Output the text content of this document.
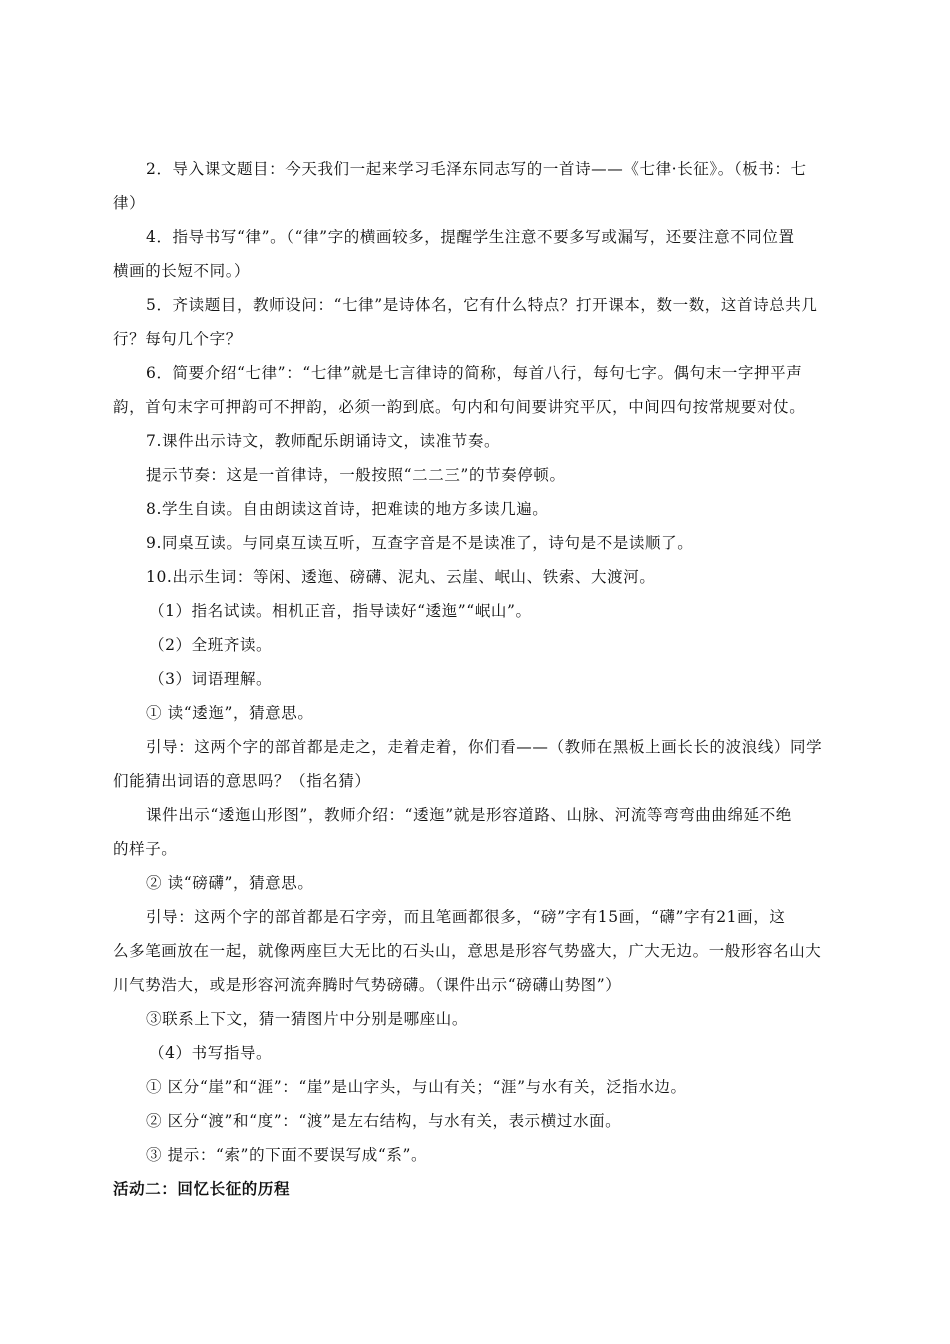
2．导入课文题目：今天我们一起来学习毛泽东同志写的一首诗——《七律·长征》。（板书：七
律）
4．指导书写“律”。（“律”字的横画较多，提醒学生注意不要多写或漏写，还要注意不同位置
横画的长短不同。）
5．齐读题目，教师设问：“七律”是诗体名，它有什么特点？打开课本，数一数，这首诗总共几
行？每句几个字？
6．简要介绍“七律”：“七律”就是七言律诗的简称，每首八行，每句七字。偶句末一字押平声
韵，首句末字可押韵可不押韵，必须一韵到底。句内和句间要讲究平仄，中间四句按常规要对仗。
7.课件出示诗文，教师配乐朗诵诗文，读准节奏。
提示节奏：这是一首律诗，一般按照“二二三”的节奏停顿。
8.学生自读。自由朗读这首诗，把难读的地方多读几遍。
9.同桌互读。与同桌互读互听，互查字音是不是读准了，诗句是不是读顺了。
10.出示生词：等闲、逶迤、磅礴、泥丸、云崖、岷山、铁索、大渡河。
（1）指名试读。相机正音，指导读好“逶迤”“岷山”。
（2）全班齐读。
（3）词语理解。
① 读“逶迤”，猜意思。
引导：这两个字的部首都是走之，走着走着，你们看——（教师在黑板上画长长的波浪线）同学
们能猜出词语的意思吗？（指名猜）
课件出示“逶迤山形图”，教师介绍：“逶迤”就是形容道路、山脉、河流等弯弯曲曲绵延不绝
的样子。
② 读“磅礴”，猜意思。
引导：这两个字的部首都是石字旁，而且笔画都很多，“磅”字有15画，“礴”字有21画，这
么多笔画放在一起，就像两座巨大无比的石头山，意思是形容气势盛大，广大无边。一般形容名山大
川气势浩大，或是形容河流奔腾时气势磅礴。（课件出示“磅礴山势图”）
③联系上下文，猜一猜图片中分别是哪座山。
（4）书写指导。
① 区分“崖”和“涯”：“崖”是山字头，与山有关；“涯”与水有关，泛指水边。
② 区分“渡”和“度”：“渡”是左右结构，与水有关，表示横过水面。
③ 提示：“索”的下面不要误写成“系”。
活动二：回忆长征的历程
